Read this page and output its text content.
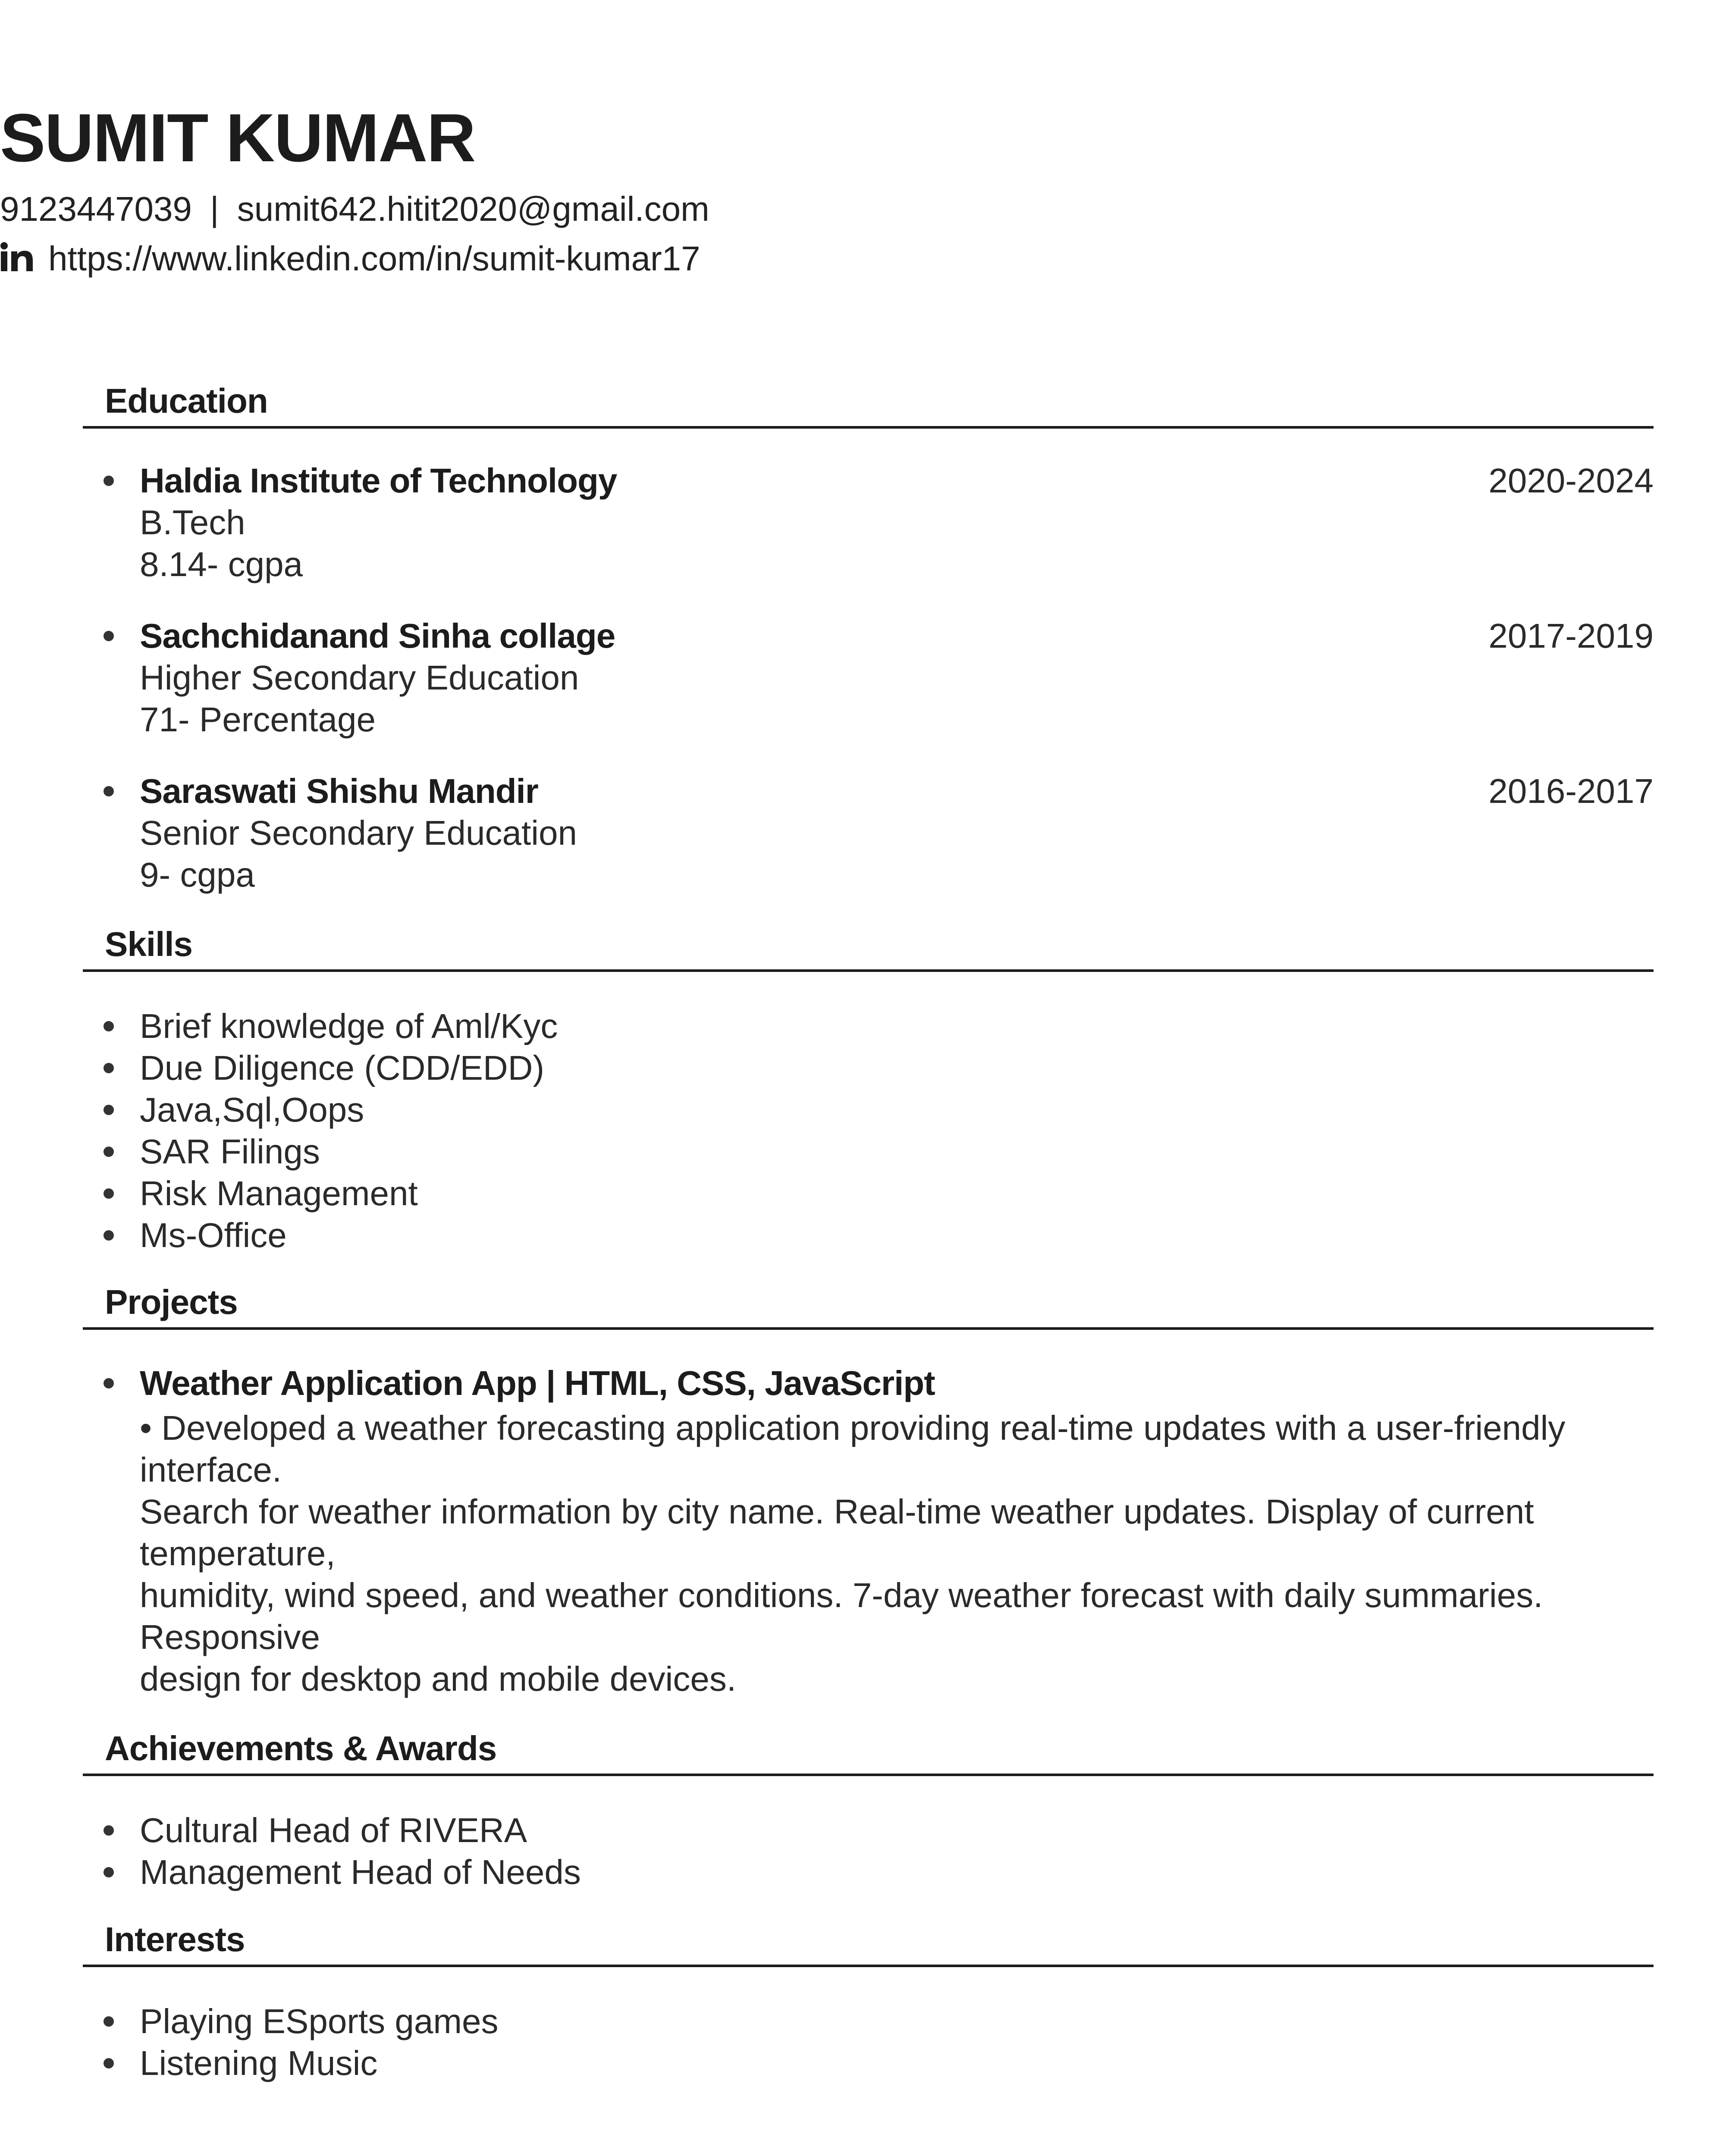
SUMIT KUMAR
9123447039 | sumit642.hitit2020@gmail.com
https://www.linkedin.com/in/sumit-kumar17
Education
Haldia Institute of Technology	2020-2024
B.Tech
8.14- cgpa
Sachchidanand Sinha collage	2017-2019
Higher Secondary Education
71- Percentage
Saraswati Shishu Mandir	2016-2017
Senior Secondary Education
9- cgpa
Skills
Brief knowledge of Aml/Kyc
Due Diligence (CDD/EDD)
Java,Sql,Oops
SAR Filings
Risk Management
Ms-Office
Projects
Weather Application App | HTML, CSS, JavaScript
• Developed a weather forecasting application providing real-time updates with a user-friendly
interface.
Search for weather information by city name. Real-time weather updates. Display of current
temperature,
humidity, wind speed, and weather conditions. 7-day weather forecast with daily summaries.
Responsive
design for desktop and mobile devices.
Achievements & Awards
Cultural Head of RIVERA
Management Head of Needs
Interests
Playing ESports games
Listening Music
